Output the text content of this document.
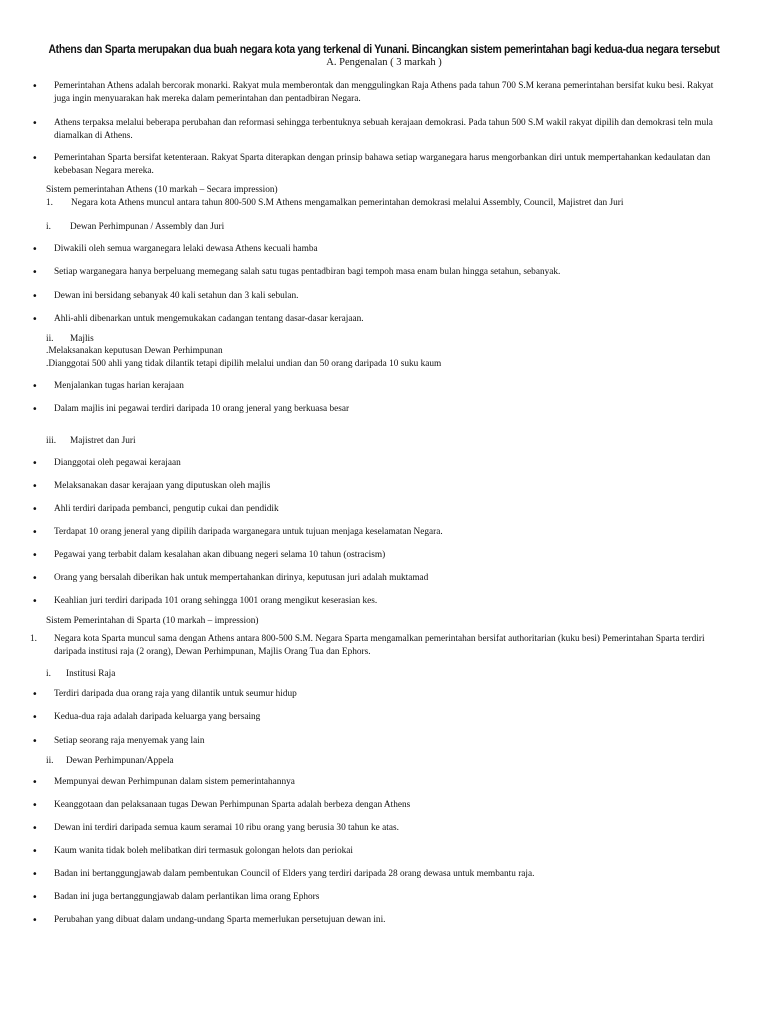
Athens dan Sparta merupakan dua buah negara kota yang terkenal di Yunani. Bincangkan sistem pemerintahan bagi kedua-dua negara tersebut
A. Pengenalan ( 3 markah )
• Pemerintahan Athens adalah bercorak monarki. Rakyat mula memberontak dan menggulingkan Raja Athens pada tahun 700 S.M kerana pemerintahan bersifat kuku besi. Rakyat juga ingin menyuarakan hak mereka dalam pemerintahan dan pentadbiran Negara.
• Athens terpaksa melalui beberapa perubahan dan reformasi sehingga terbentuknya sebuah kerajaan demokrasi. Pada tahun 500 S.M wakil rakyat dipilih dan demokrasi teln mula diamalkan di Athens.
• Pemerintahan Sparta bersifat ketenteraan. Rakyat Sparta diterapkan dengan prinsip bahawa setiap warganegara harus mengorbankan diri untuk mempertahankan kedaulatan dan kebebasan Negara mereka.
Sistem pemerintahan Athens (10 markah – Secara impression)
1.	Negara kota Athens muncul antara tahun 800-500 S.M Athens mengamalkan pemerintahan demokrasi melalui Assembly, Council, Majistret dan Juri
i. Dewan Perhimpunan / Assembly dan Juri
• Diwakili oleh semua warganegara lelaki dewasa Athens kecuali hamba
• Setiap warganegara hanya berpeluang memegang salah satu tugas pentadbiran bagi tempoh masa enam bulan hingga setahun, sebanyak.
• Dewan ini bersidang sebanyak 40 kali setahun dan 3 kali sebulan.
• Ahli-ahli dibenarkan untuk mengemukakan cadangan tentang dasar-dasar kerajaan.
ii. Majlis
.Melaksanakan keputusan Dewan Perhimpunan
.Dianggotai 500 ahli yang tidak dilantik tetapi dipilih melalui undian dan 50 orang daripada 10 suku kaum
• Menjalankan tugas harian kerajaan
• Dalam majlis ini pegawai terdiri daripada 10 orang jeneral yang berkuasa besar
iii. Majistret dan Juri
• Dianggotai oleh pegawai kerajaan
• Melaksanakan dasar kerajaan yang diputuskan oleh majlis
• Ahli terdiri daripada pembanci, pengutip cukai dan pendidik
• Terdapat 10 orang jeneral yang dipilih daripada warganegara untuk tujuan menjaga keselamatan Negara.
• Pegawai yang terbabit dalam kesalahan akan dibuang negeri selama 10 tahun (ostracism)
• Orang yang bersalah diberikan hak untuk mempertahankan dirinya, keputusan juri adalah muktamad
• Keahlian juri terdiri daripada 101 orang sehingga 1001 orang mengikut keserasian kes.
Sistem Pemerintahan di Sparta (10 markah – impression)
1. Negara kota Sparta muncul sama dengan Athens antara 800-500 S.M. Negara Sparta mengamalkan pemerintahan bersifat authoritarian (kuku besi) Pemerintahan Sparta terdiri daripada institusi raja (2 orang), Dewan Perhimpunan, Majlis Orang Tua dan Ephors.
i. Institusi Raja
• Terdiri daripada dua orang raja yang dilantik untuk seumur hidup
• Kedua-dua raja adalah daripada keluarga yang bersaing
• Setiap seorang raja menyemak yang lain
ii. Dewan Perhimpunan/Appela
• Mempunyai dewan Perhimpunan dalam sistem pemerintahannya
• Keanggotaan dan pelaksanaan tugas Dewan Perhimpunan Sparta adalah berbeza dengan Athens
• Dewan ini terdiri daripada semua kaum seramai 10 ribu orang yang berusia 30 tahun ke atas.
• Kaum wanita tidak boleh melibatkan diri termasuk golongan helots dan periokai
• Badan ini bertanggungjawab dalam pembentukan Council of Elders yang terdiri daripada 28 orang dewasa untuk membantu raja.
• Badan ini juga bertanggungjawab dalam perlantikan lima orang Ephors
• Perubahan yang dibuat dalam undang-undang Sparta memerlukan persetujuan dewan ini.
